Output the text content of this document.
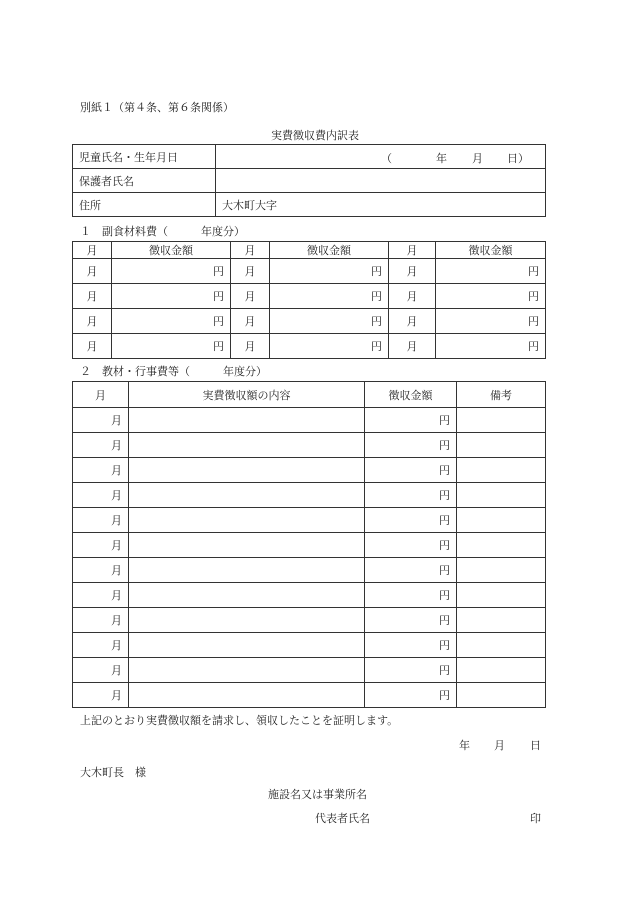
別紙１（第４条、第６条関係）
実費徴収費内訳表
児童氏名・生年月日	（ 年 月 日）

保護者氏名	
住所	大木町大字
１　副食材料費（　　　年度分）
月	徴収金額	月	徴収金額	月	徴収金額
月	円	月	円	月	円
月	円	月	円	月	円
月	円	月	円	月	円
月	円	月	円	月	円
２　教材・行事費等（　　　年度分）
月	実費徴収額の内容	徴収金額	備考
月		円	
月		円	
月		円	
月		円	
月		円	
月		円	
月		円	
月		円	
月		円	
月		円	
月		円	
月		円	
上記のとおり実費徴収額を請求し、領収したことを証明します。
年 月 日
大木町長　様
施設名又は事業所名
代表者氏名	印
